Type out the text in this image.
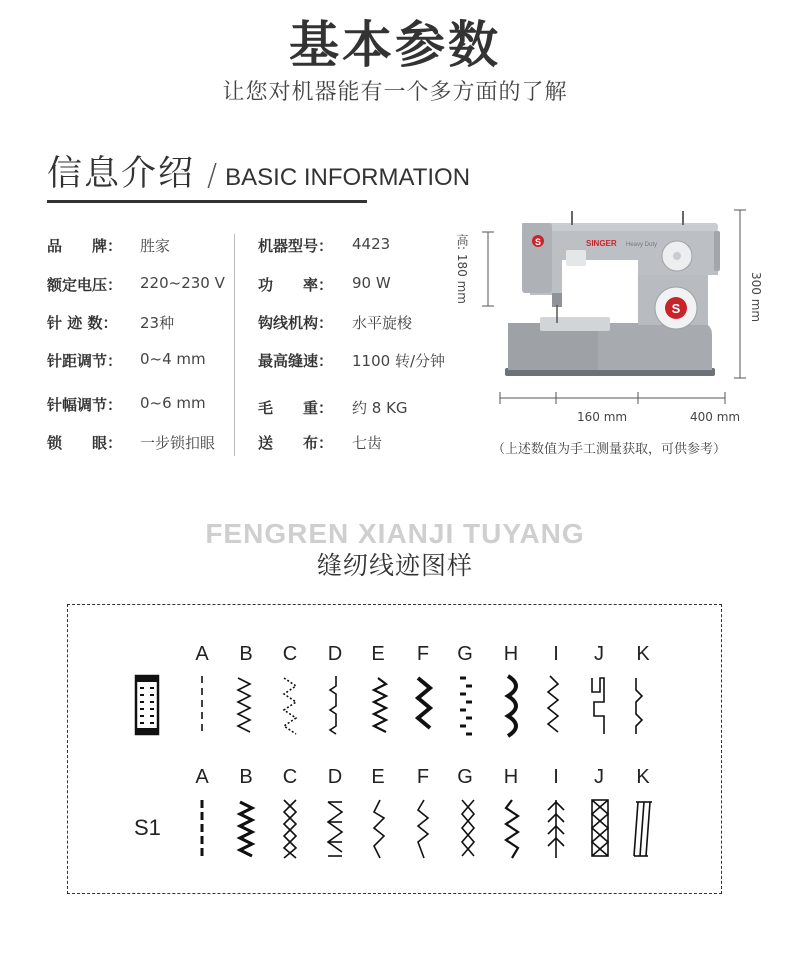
基本参数
让您对机器能有一个多方面的了解
信息介绍 / BASIC INFORMATION
品　　牌： 胜家
额定电压： 220~230 V
针 迹 数： 23种
针距调节： 0~4 mm
针幅调节： 0~6 mm
锁　　眼： 一步锁扣眼
机器型号： 4423
功　　率： 90 W
钩线机构： 水平旋梭
最高缝速： 1100 转/分钟
毛　　重： 约 8 KG
送　　布： 七齿
S	SINGER Heavy Duty
S
高: 180 mm	300 mm
160 mm	400 mm
（上述数值为手工测量获取，可供参考）
FENGREN XIANJI TUYANG
缝纫线迹图样
A	B	C	D	E	F	G	H	I	J	K
A	B	C	D	E	F	G	H	I	J	K
S1
